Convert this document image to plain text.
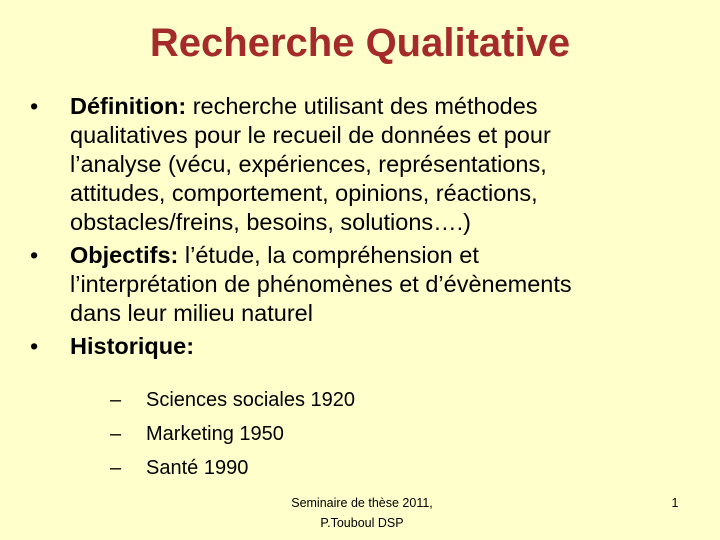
Recherche Qualitative
•	Définition: recherche utilisant des méthodes
qualitatives pour le recueil de données et pour
l’analyse (vécu, expériences, représentations,
attitudes, comportement, opinions, réactions,
obstacles/freins, besoins, solutions….)
•	Objectifs: l’étude, la compréhension et
l’interprétation de phénomènes et d’évènements
dans leur milieu naturel
•	Historique:
– Sciences sociales 1920
– Marketing 1950
– Santé 1990
Seminaire de thèse 2011,
P.Touboul DSP
1
